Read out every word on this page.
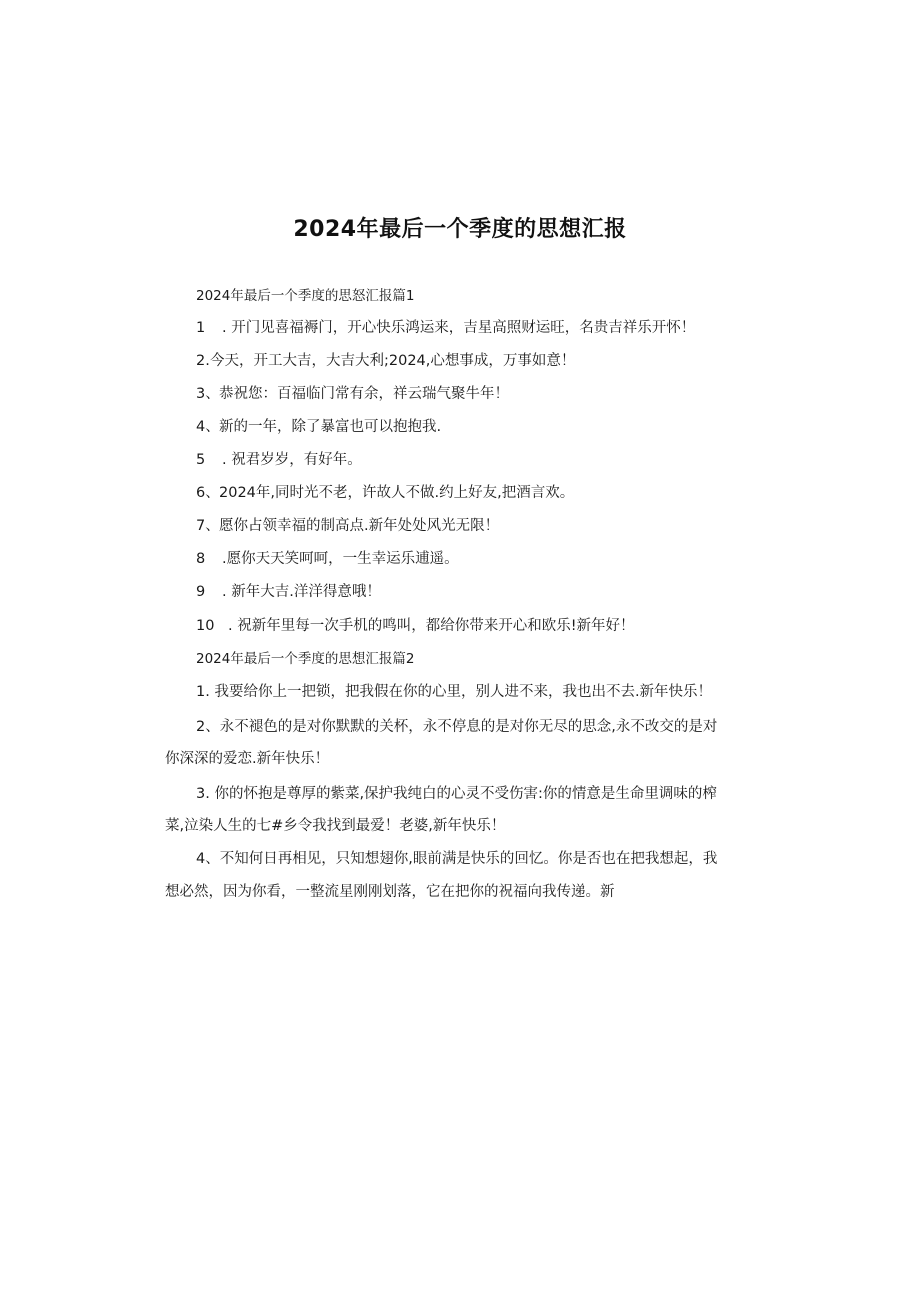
2024年最后一个季度的思想汇报
2024年最后一个季度的思怒汇报篇1
1 . 开门见喜福褥门，开心快乐鸿运来，吉星高照财运旺，名贵吉祥乐开怀！
2.今天，开工大吉，大吉大利;2024,心想事成，万事如意！
3、恭祝您：百福临门常有余，祥云瑞气聚牛年！
4、新的一年，除了暴富也可以抱抱我.
5 . 祝君岁岁，有好年。
6、2024年,同时光不老，许故人不做.约上好友,把酒言欢。
7、愿你占领幸福的制高点.新年处处风光无限！
8 .愿你天天笑呵呵，一生幸运乐逋遥。
9 . 新年大吉.洋洋得意哦！
10 . 祝新年里每一次手机的鸣叫，都给你带来开心和欧乐!新年好！
2024年最后一个季度的思想汇报篇2
1. 我要给你上一把锁，把我假在你的心里，别人进不来，我也出不去.新年快乐！
2、永不褪色的是对你默默的关杯，永不停息的是对你无尽的思念,永不改交的是对
你深深的爱恋.新年快乐！
3. 你的怀抱是尊厚的紫菜,保护我纯白的心灵不受伤害:你的情意是生命里调味的榨
菜,泣染人生的七#乡令我找到最爱！老婆,新年快乐！
4、不知何日再相见，只知想翅你,眼前满是快乐的回忆。你是否也在把我想起，我
想必然，因为你看，一整流星刚刚划落，它在把你的祝福向我传递。新
